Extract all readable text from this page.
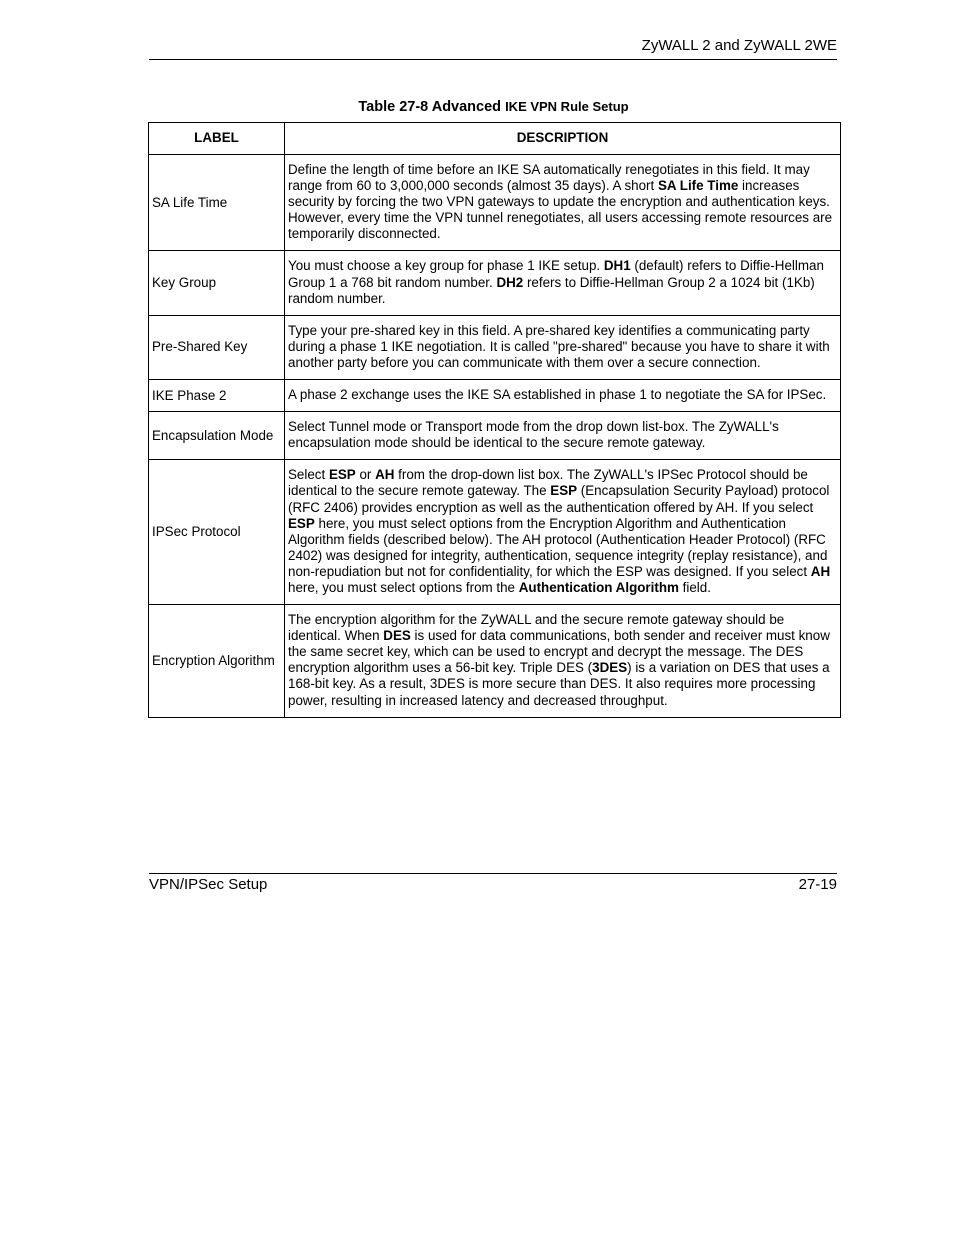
ZyWALL 2 and ZyWALL 2WE
Table 27-8 Advanced IKE VPN Rule Setup
LABEL	DESCRIPTION
SA Life Time	Define the length of time before an IKE SA automatically renegotiates in this field. It may range from 60 to 3,000,000 seconds (almost 35 days). A short SA Life Time increases security by forcing the two VPN gateways to update the encryption and authentication keys. However, every time the VPN tunnel renegotiates, all users accessing remote resources are temporarily disconnected.
Key Group	You must choose a key group for phase 1 IKE setup. DH1 (default) refers to Diffie-Hellman Group 1 a 768 bit random number. DH2 refers to Diffie-Hellman Group 2 a 1024 bit (1Kb) random number.
Pre-Shared Key	Type your pre-shared key in this field. A pre-shared key identifies a communicating party during a phase 1 IKE negotiation. It is called "pre-shared" because you have to share it with another party before you can communicate with them over a secure connection.
IKE Phase 2	A phase 2 exchange uses the IKE SA established in phase 1 to negotiate the SA for IPSec.
Encapsulation Mode	Select Tunnel mode or Transport mode from the drop down list-box. The ZyWALL's encapsulation mode should be identical to the secure remote gateway.
IPSec Protocol	Select ESP or AH from the drop-down list box. The ZyWALL's IPSec Protocol should be identical to the secure remote gateway. The ESP (Encapsulation Security Payload) protocol (RFC 2406) provides encryption as well as the authentication offered by AH. If you select ESP here, you must select options from the Encryption Algorithm and Authentication Algorithm fields (described below). The AH protocol (Authentication Header Protocol) (RFC 2402) was designed for integrity, authentication, sequence integrity (replay resistance), and non-repudiation but not for confidentiality, for which the ESP was designed. If you select AH here, you must select options from the Authentication Algorithm field.
Encryption Algorithm	The encryption algorithm for the ZyWALL and the secure remote gateway should be identical. When DES is used for data communications, both sender and receiver must know the same secret key, which can be used to encrypt and decrypt the message. The DES encryption algorithm uses a 56-bit key. Triple DES (3DES) is a variation on DES that uses a 168-bit key. As a result, 3DES is more secure than DES. It also requires more processing power, resulting in increased latency and decreased throughput.
VPN/IPSec Setup	27-19
